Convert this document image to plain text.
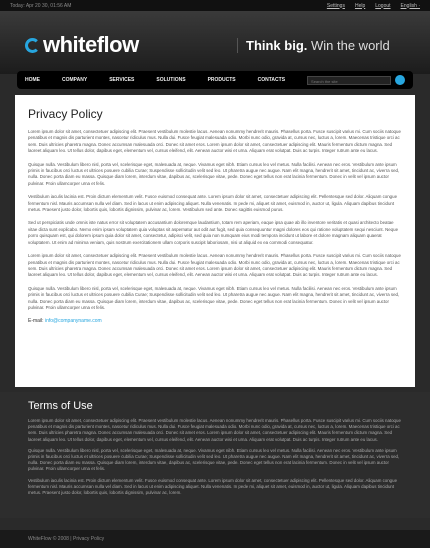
Today: Apr 20 30, 01:56 AM	Settings Help Logout English ·
whiteflow	Think big. Win the world
HOME	COMPANY	SERVICES	SOLUTIONS	PRODUCTS	CONTACTS	Search the site
Privacy Policy

Lorem ipsum dolor sit amet, consectetuer adipiscing elit. Praesent vestibulum molestie lacus. Aenean nonummy hendrerit mauris. Phasellus porta. Fusce suscipit varius mi. Cum sociis natoque penatibus et magnis dis parturient montes, nascetur ridiculus mus. Nulla dui. Fusce feugiat malesuada odio. Morbi nunc odio, gravida at, cursus nec, luctus a, lorem. Maecenas tristique orci ac sem. Duis ultricies pharetra magna. Donec accumsan malesuada orci. Donec sit amet eros. Lorem ipsum dolor sit amet, consectetuer adipiscing elit. Mauris fermentum dictum magna. Sed laoreet aliquam leo. Ut tellus dolor, dapibus eget, elementum vel, cursus eleifend, elit. Aenean auctor wisi et urna. Aliquam erat volutpat. Duis ac turpis. Integer rutrum ante eu lacus.

Quisque nulla. Vestibulum libero nisl, porta vel, scelerisque eget, malesuada at, neque. Vivamus eget nibh. Etiam cursus leo vel metus. Nulla facilisi. Aenean nec eros. Vestibulum ante ipsum primis in faucibus orci luctus et ultrices posuere cubilia Curae; Suspendisse sollicitudin velit sed leo. Ut pharetra augue nec augue. Nam elit magna, hendrerit sit amet, tincidunt ac, viverra sed, nulla. Donec porta diam eu massa. Quisque diam lorem, interdum vitae, dapibus ac, scelerisque vitae, pede. Donec eget tellus non erat lacinia fermentum. Donec in velit vel ipsum auctor pulvinar. Proin ullamcorper urna et felis.

Vestibulum iaculis lacinia est. Proin dictum elementum velit. Fusce euismod consequat ante. Lorem ipsum dolor sit amet, consectetuer adipiscing elit. Pellentesque sed dolor. Aliquam congue fermentum nisl. Mauris accumsan nulla vel diam. Sed in lacus ut enim adipiscing aliquet. Nulla venenatis. In pede mi, aliquet sit amet, euismod in, auctor ut, ligula. Aliquam dapibus tincidunt metus. Praesent justo dolor, lobortis quis, lobortis dignissim, pulvinar ac, lorem. Vestibulum sed ante. Donec sagittis euismod purus.

Sed ut perspiciatis unde omnis iste natus error sit voluptatem accusantium doloremque laudantium, totam rem aperiam, eaque ipsa quae ab illo inventore veritatis et quasi architecto beatae vitae dicta sunt explicabo. Nemo enim ipsam voluptatem quia voluptas sit aspernatur aut odit aut fugit, sed quia consequuntur magni dolores eos qui ratione voluptatem sequi nesciunt. Neque porro quisquam est, qui dolorem ipsum quia dolor sit amet, consectetur, adipisci velit, sed quia non numquam eius modi tempora incidunt ut labore et dolore magnam aliquam quaerat voluptatem. Ut enim ad minima veniam, quis nostrum exercitationem ullam corporis suscipit laboriosam, nisi ut aliquid ex ea commodi consequatur.

Lorem ipsum dolor sit amet, consectetuer adipiscing elit. Praesent vestibulum molestie lacus. Aenean nonummy hendrerit mauris. Phasellus porta. Fusce suscipit varius mi. Cum sociis natoque penatibus et magnis dis parturient montes, nascetur ridiculus mus. Nulla dui. Fusce feugiat malesuada odio. Morbi nunc odio, gravida at, cursus nec, luctus a, lorem. Maecenas tristique orci ac sem. Duis ultricies pharetra magna. Donec accumsan malesuada orci. Donec sit amet eros. Lorem ipsum dolor sit amet, consectetuer adipiscing elit. Mauris fermentum dictum magna. Sed laoreet aliquam leo. Ut tellus dolor, dapibus eget, elementum vel, cursus eleifend, elit. Aenean auctor wisi et urna. Aliquam erat volutpat. Duis ac turpis. Integer rutrum ante eu lacus.

Quisque nulla. Vestibulum libero nisl, porta vel, scelerisque eget, malesuada at, neque. Vivamus eget nibh. Etiam cursus leo vel metus. Nulla facilisi. Aenean nec eros. Vestibulum ante ipsum primis in faucibus orci luctus et ultrices posuere cubilia Curae; Suspendisse sollicitudin velit sed leo. Ut pharetra augue nec augue. Nam elit magna, hendrerit sit amet, tincidunt ac, viverra sed, nulla. Donec porta diam eu massa. Quisque diam lorem, interdum vitae, dapibus ac, scelerisque vitae, pede. Donec eget tellus non erat lacinia fermentum. Donec in velit vel ipsum auctor pulvinar. Proin ullamcorper urna et felis.

E-mail: info@companyname.com
Terms of Use

Lorem ipsum dolor sit amet, consectetuer adipiscing elit. Praesent vestibulum molestie lacus. Aenean nonummy hendrerit mauris. Phasellus porta. Fusce suscipit varius mi. Cum sociis natoque penatibus et magnis dis parturient montes, nascetur ridiculus mus. Nulla dui. Fusce feugiat malesuada odio. Morbi nunc odio, gravida at, cursus nec, luctus a, lorem. Maecenas tristique orci ac sem. Duis ultricies pharetra magna. Donec accumsan malesuada orci. Donec sit amet eros. Lorem ipsum dolor sit amet, consectetuer adipiscing elit. Mauris fermentum dictum magna. Sed laoreet aliquam leo. Ut tellus dolor, dapibus eget, elementum vel, cursus eleifend, elit. Aenean auctor wisi et urna. Aliquam erat volutpat. Duis ac turpis. Integer rutrum ante eu lacus.

Quisque nulla. Vestibulum libero nisl, porta vel, scelerisque eget, malesuada at, neque. Vivamus eget nibh. Etiam cursus leo vel metus. Nulla facilisi. Aenean nec eros. Vestibulum ante ipsum primis in faucibus orci luctus et ultrices posuere cubilia Curae; Suspendisse sollicitudin velit sed leo. Ut pharetra augue nec augue. Nam elit magna, hendrerit sit amet, tincidunt ac, viverra sed, nulla. Donec porta diam eu massa. Quisque diam lorem, interdum vitae, dapibus ac, scelerisque vitae, pede. Donec eget tellus non erat lacinia fermentum. Donec in velit vel ipsum auctor pulvinar. Proin ullamcorper urna et felis.

Vestibulum iaculis lacinia est. Proin dictum elementum velit. Fusce euismod consequat ante. Lorem ipsum dolor sit amet, consectetuer adipiscing elit. Pellentesque sed dolor. Aliquam congue fermentum nisl. Mauris accumsan nulla vel diam. Sed in lacus ut enim adipiscing aliquet. Nulla venenatis. In pede mi, aliquet sit amet, euismod in, auctor ut, ligula. Aliquam dapibus tincidunt metus. Praesent justo dolor, lobortis quis, lobortis dignissim, pulvinar ac, lorem.

WhiteFlow © 2008 | Privacy Policy
